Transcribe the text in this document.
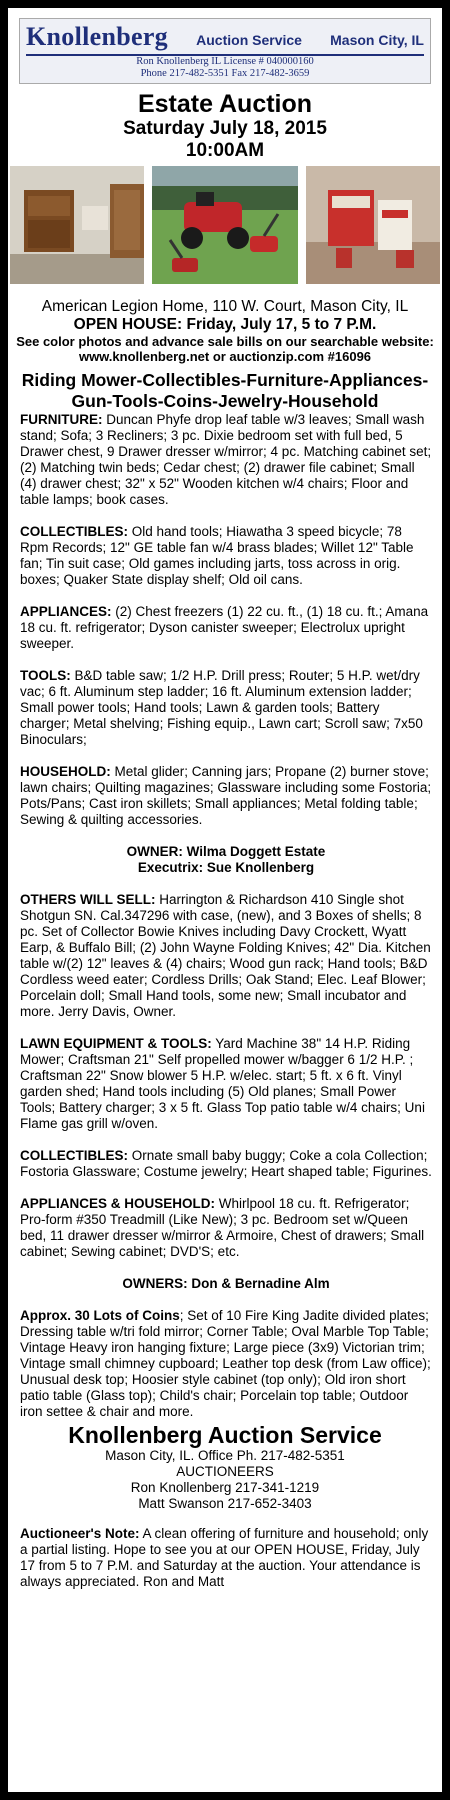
Knollenberg Auction Service Mason City, IL
Ron Knollenberg IL License # 040000160
Phone 217-482-5351 Fax 217-482-3659
Estate Auction
Saturday July 18, 2015
10:00AM
American Legion Home, 110 W. Court, Mason City, IL
OPEN HOUSE: Friday, July 17, 5 to 7 P.M.
See color photos and advance sale bills on our searchable website: www.knollenberg.net or auctionzip.com #16096
Riding Mower-Collectibles-Furniture-Appliances-Gun-Tools-Coins-Jewelry-Household

FURNITURE: Duncan Phyfe drop leaf table w/3 leaves; Small wash stand; Sofa; 3 Recliners; 3 pc. Dixie bedroom set with full bed, 5 Drawer chest, 9 Drawer dresser w/mirror; 4 pc. Matching cabinet set; (2) Matching twin beds; Cedar chest; (2) drawer file cabinet; Small (4) drawer chest; 32" x 52" Wooden kitchen w/4 chairs; Floor and table lamps; book cases.

COLLECTIBLES: Old hand tools; Hiawatha 3 speed bicycle; 78 Rpm Records; 12" GE table fan w/4 brass blades; Willet 12" Table fan; Tin suit case; Old games including jarts, toss across in orig. boxes; Quaker State display shelf; Old oil cans.

APPLIANCES: (2) Chest freezers (1) 22 cu. ft., (1) 18 cu. ft.; Amana 18 cu. ft. refrigerator; Dyson canister sweeper; Electrolux upright sweeper.

TOOLS: B&D table saw; 1/2 H.P. Drill press; Router; 5 H.P. wet/dry vac; 6 ft. Aluminum step ladder; 16 ft. Aluminum extension ladder; Small power tools; Hand tools; Lawn & garden tools; Battery charger; Metal shelving; Fishing equip., Lawn cart; Scroll saw; 7x50 Binoculars;

HOUSEHOLD: Metal glider; Canning jars; Propane (2) burner stove; lawn chairs; Quilting magazines; Glassware including some Fostoria; Pots/Pans; Cast iron skillets; Small appliances; Metal folding table; Sewing & quilting accessories.

OWNER: Wilma Doggett Estate
Executrix: Sue Knollenberg

OTHERS WILL SELL: Harrington & Richardson 410 Single shot Shotgun SN. Cal.347296 with case, (new), and 3 Boxes of shells; 8 pc. Set of Collector Bowie Knives including Davy Crockett, Wyatt Earp, & Buffalo Bill; (2) John Wayne Folding Knives; 42" Dia. Kitchen table w/(2) 12" leaves & (4) chairs; Wood gun rack; Hand tools; B&D Cordless weed eater; Cordless Drills; Oak Stand; Elec. Leaf Blower; Porcelain doll; Small Hand tools, some new; Small incubator and more. Jerry Davis, Owner.

LAWN EQUIPMENT & TOOLS: Yard Machine 38" 14 H.P. Riding Mower; Craftsman 21" Self propelled mower w/bagger 6 1/2 H.P. ; Craftsman 22" Snow blower 5 H.P. w/elec. start; 5 ft. x 6 ft. Vinyl garden shed; Hand tools including (5) Old planes; Small Power Tools; Battery charger; 3 x 5 ft. Glass Top patio table w/4 chairs; Uni Flame gas grill w/oven.

COLLECTIBLES: Ornate small baby buggy; Coke a cola Collection; Fostoria Glassware; Costume jewelry; Heart shaped table; Figurines.

APPLIANCES & HOUSEHOLD: Whirlpool 18 cu. ft. Refrigerator; Pro-form #350 Treadmill (Like New); 3 pc. Bedroom set w/Queen bed, 11 drawer dresser w/mirror & Armoire, Chest of drawers; Small cabinet; Sewing cabinet; DVD'S; etc.

OWNERS: Don & Bernadine Alm

Approx. 30 Lots of Coins; Set of 10 Fire King Jadite divided plates; Dressing table w/tri fold mirror; Corner Table; Oval Marble Top Table; Vintage Heavy iron hanging fixture; Large piece (3x9) Victorian trim; Vintage small chimney cupboard; Leather top desk (from Law office); Unusual desk top; Hoosier style cabinet (top only); Old iron short patio table (Glass top); Child's chair; Porcelain top table; Outdoor iron settee & chair and more.

Knollenberg Auction Service
Mason City, IL. Office Ph. 217-482-5351
AUCTIONEERS
Ron Knollenberg 217-341-1219
Matt Swanson 217-652-3403

Auctioneer's Note: A clean offering of furniture and household; only a partial listing. Hope to see you at our OPEN HOUSE, Friday, July 17 from 5 to 7 P.M. and Saturday at the auction. Your attendance is always appreciated. Ron and Matt
